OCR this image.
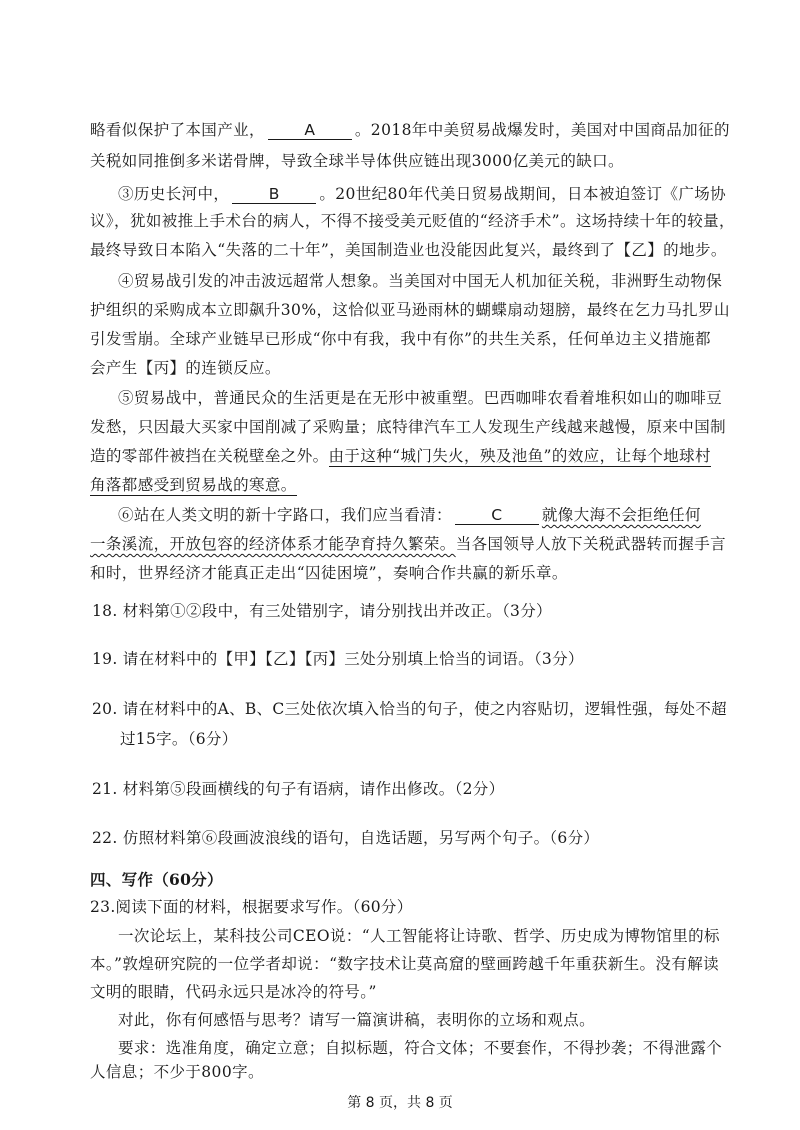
略看似保护了本国产业，	A	。2018年中美贸易战爆发时，美国对中国商品加征的
关税如同推倒多米诺骨牌，导致全球半导体供应链出现3000亿美元的缺口。
③历史长河中，	B	。20世纪80年代美日贸易战期间，日本被迫签订《广场协
议》，犹如被推上手术台的病人，不得不接受美元贬值的“经济手术”。这场持续十年的较量，
最终导致日本陷入“失落的二十年”，美国制造业也没能因此复兴，最终到了【乙】的地步。
④贸易战引发的冲击波远超常人想象。当美国对中国无人机加征关税，非洲野生动物保
护组织的采购成本立即飙升30%，这恰似亚马逊雨林的蝴蝶扇动翅膀，最终在乞力马扎罗山
引发雪崩。全球产业链早已形成“你中有我，我中有你”的共生关系，任何单边主义措施都
会产生【丙】的连锁反应。
⑤贸易战中，普通民众的生活更是在无形中被重塑。巴西咖啡农看着堆积如山的咖啡豆
发愁，只因最大买家中国削减了采购量；底特律汽车工人发现生产线越来越慢，原来中国制
造的零部件被挡在关税壁垒之外。由于这种“城门失火，殃及池鱼”的效应，让每个地球村
角落都感受到贸易战的寒意。
⑥站在人类文明的新十字路口，我们应当看清：	C	就像大海不会拒绝任何
一条溪流，开放包容的经济体系才能孕育持久繁荣。当各国领导人放下关税武器转而握手言
和时，世界经济才能真正走出“囚徒困境”，奏响合作共赢的新乐章。
18. 材料第①②段中，有三处错别字，请分别找出并改正。（3分）
19. 请在材料中的【甲】【乙】【丙】三处分别填上恰当的词语。（3分）
20. 请在材料中的A、B、C三处依次填入恰当的句子，使之内容贴切，逻辑性强，每处不超
过15字。（6分）
21. 材料第⑤段画横线的句子有语病，请作出修改。（2分）
22. 仿照材料第⑥段画波浪线的语句，自选话题，另写两个句子。（6分）
四、写作（60分）
23.阅读下面的材料，根据要求写作。（60分）
一次论坛上，某科技公司CEO说：“人工智能将让诗歌、哲学、历史成为博物馆里的标
本。”敦煌研究院的一位学者却说：“数字技术让莫高窟的壁画跨越千年重获新生。没有解读
文明的眼睛，代码永远只是冰冷的符号。”
对此，你有何感悟与思考？请写一篇演讲稿，表明你的立场和观点。
要求：选准角度，确定立意；自拟标题，符合文体；不要套作，不得抄袭；不得泄露个
人信息；不少于800字。
第 8 页，共 8 页
